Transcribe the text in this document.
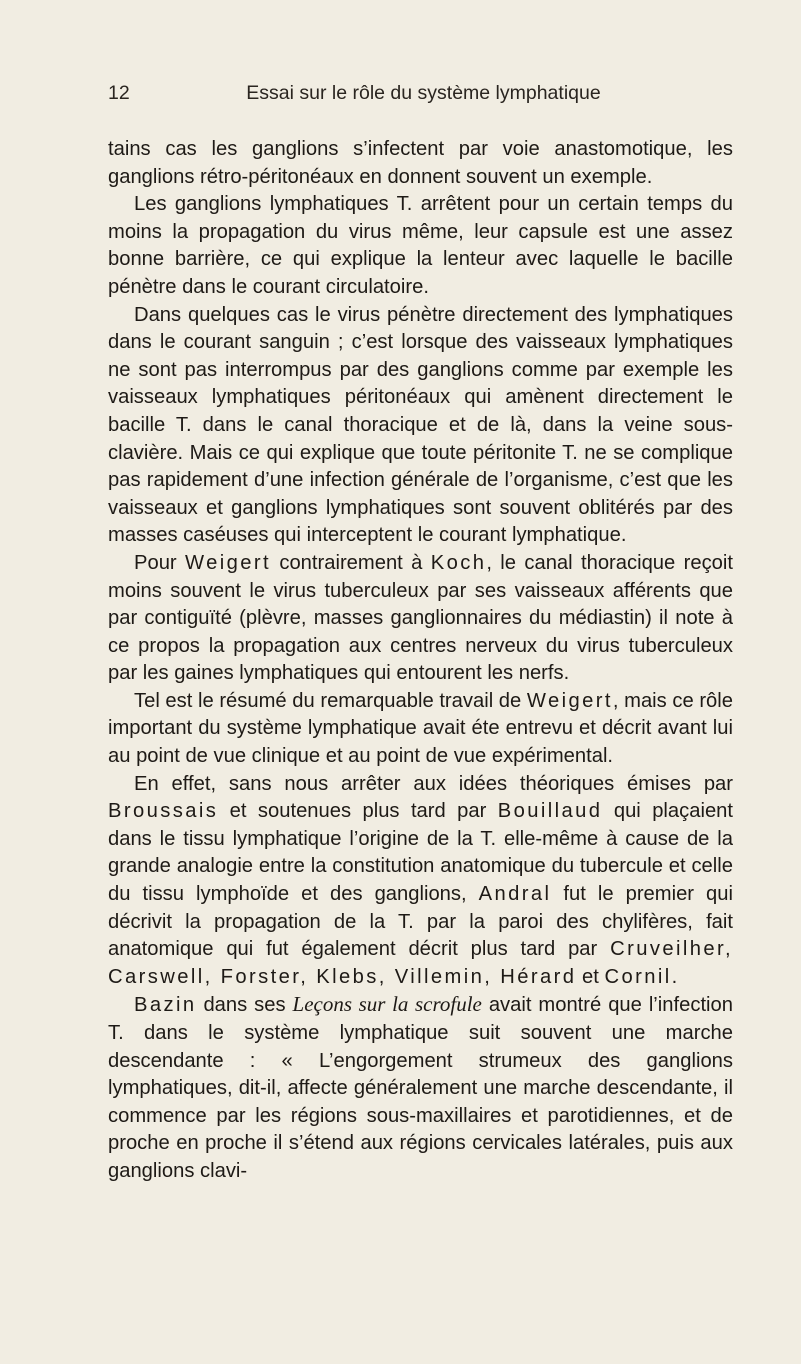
12	Essai sur le rôle du système lymphatique

tains cas les ganglions s’infectent par voie anastomotique, les ganglions rétro-péritonéaux en donnent souvent un exemple.

Les ganglions lymphatiques T. arrêtent pour un certain temps du moins la propagation du virus même, leur capsule est une assez bonne barrière, ce qui explique la lenteur avec laquelle le bacille pénètre dans le courant circulatoire.

Dans quelques cas le virus pénètre directement des lymphatiques dans le courant sanguin ; c’est lorsque des vaisseaux lymphatiques ne sont pas interrompus par des ganglions comme par exemple les vaisseaux lymphatiques péritonéaux qui amènent directement le bacille T. dans le canal thoracique et de là, dans la veine sous-clavière. Mais ce qui explique que toute péritonite T. ne se complique pas rapidement d’une infection générale de l’organisme, c’est que les vaisseaux et ganglions lymphatiques sont souvent oblitérés par des masses caséuses qui interceptent le courant lymphatique.

Pour Weigert contrairement à Koch, le canal thoracique reçoit moins souvent le virus tuberculeux par ses vaisseaux afférents que par contiguïté (plèvre, masses ganglionnaires du médiastin) il note à ce propos la propagation aux centres nerveux du virus tuberculeux par les gaines lymphatiques qui entourent les nerfs.

Tel est le résumé du remarquable travail de Weigert, mais ce rôle important du système lymphatique avait éte entrevu et décrit avant lui au point de vue clinique et au point de vue expérimental.

En effet, sans nous arrêter aux idées théoriques émises par Broussais et soutenues plus tard par Bouillaud qui plaçaient dans le tissu lymphatique l’origine de la T. elle-même à cause de la grande analogie entre la constitution anatomique du tubercule et celle du tissu lymphoïde et des ganglions, Andral fut le premier qui décrivit la propagation de la T. par la paroi des chylifères, fait anatomique qui fut également décrit plus tard par Cruveilher, Carswell, Forster, Klebs, Villemin, Hérard et Cornil.

Bazin dans ses Leçons sur la scrofule avait montré que l’infection T. dans le système lymphatique suit souvent une marche descendante : « L’engorgement strumeux des ganglions lymphatiques, dit-il, affecte généralement une marche descendante, il commence par les régions sous-maxillaires et parotidiennes, et de proche en proche il s’étend aux régions cervicales latérales, puis aux ganglions clavi-
